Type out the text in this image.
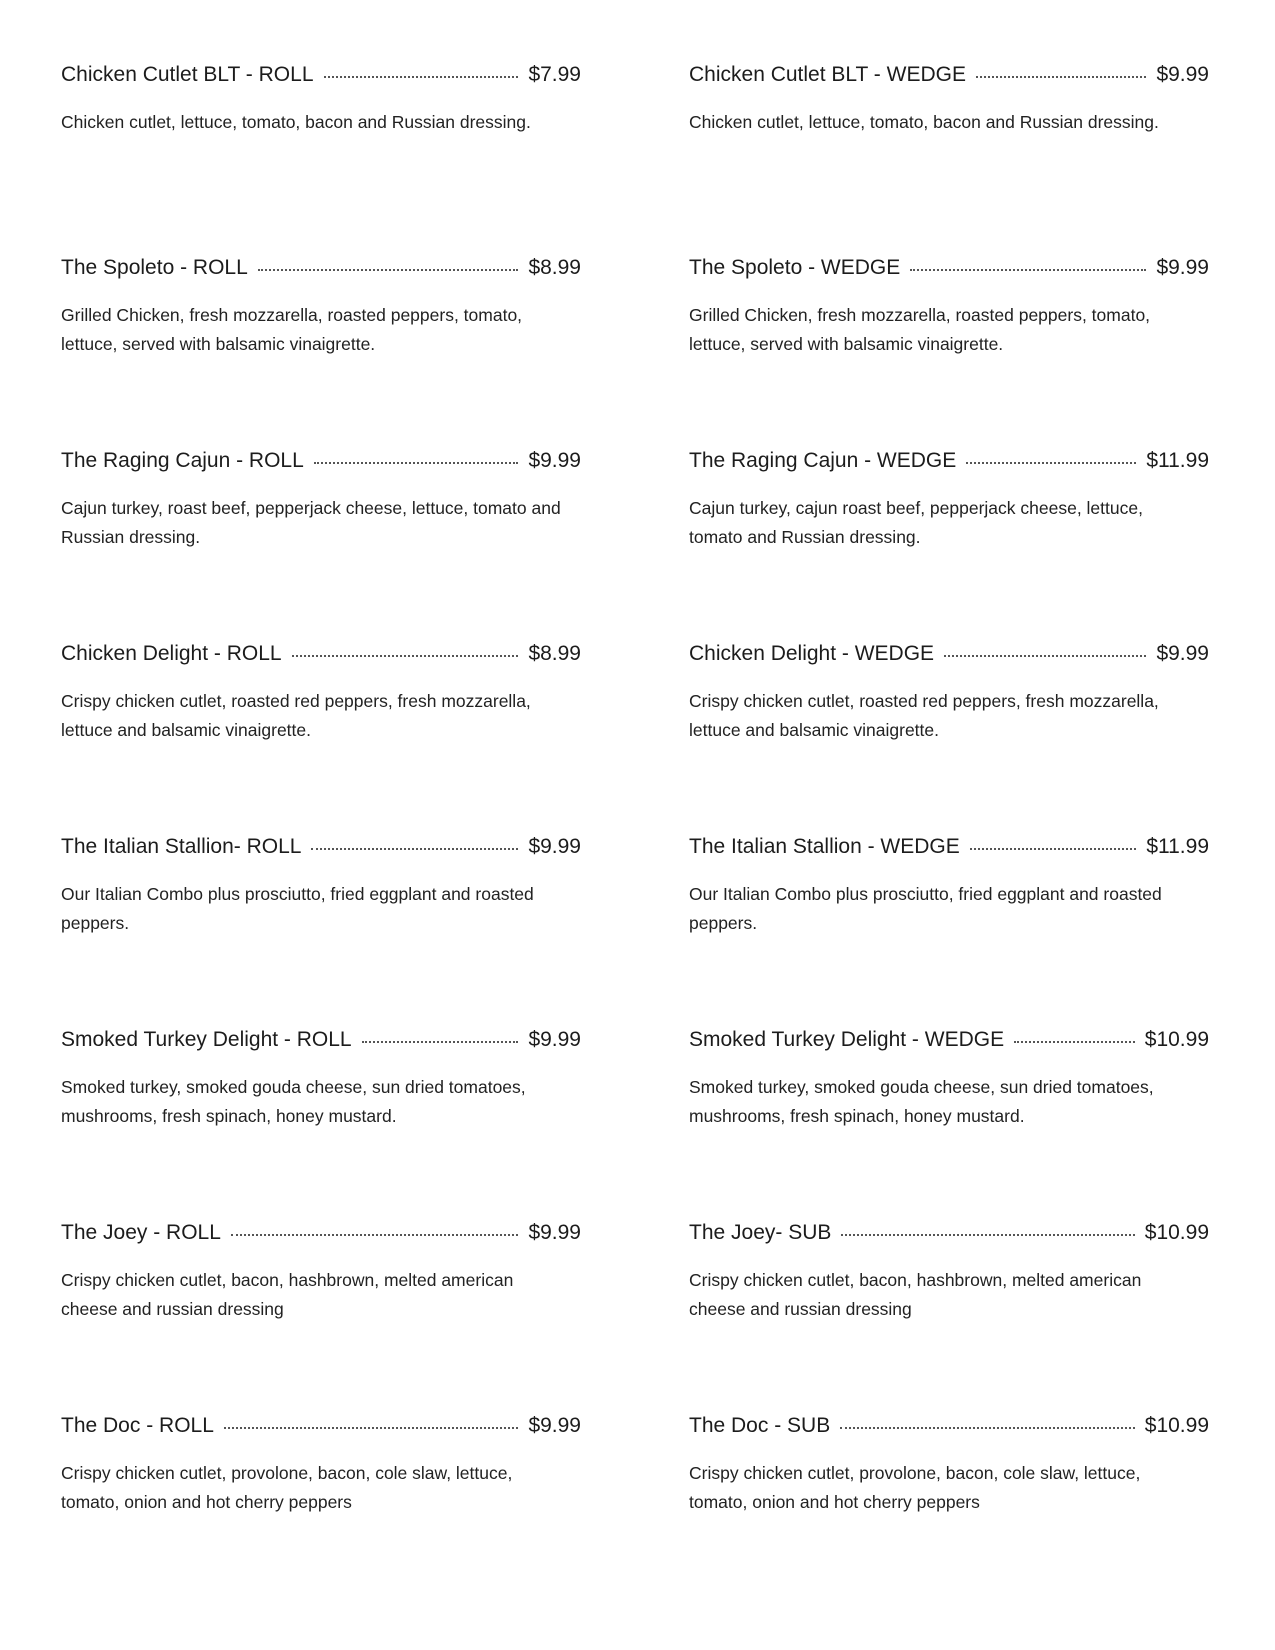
Chicken Cutlet BLT - ROLL	$7.99

Chicken cutlet, lettuce, tomato, bacon and Russian dressing.

Chicken Cutlet BLT - WEDGE	$9.99

Chicken cutlet, lettuce, tomato, bacon and Russian dressing.

The Spoleto - ROLL	$8.99

Grilled Chicken, fresh mozzarella, roasted peppers, tomato, lettuce, served with balsamic vinaigrette.

The Spoleto - WEDGE	$9.99

Grilled Chicken, fresh mozzarella, roasted peppers, tomato, lettuce, served with balsamic vinaigrette.

The Raging Cajun - ROLL	$9.99

Cajun turkey, roast beef, pepperjack cheese, lettuce, tomato and Russian dressing.

The Raging Cajun - WEDGE	$11.99

Cajun turkey, cajun roast beef, pepperjack cheese, lettuce, tomato and Russian dressing.

Chicken Delight - ROLL	$8.99

Crispy chicken cutlet, roasted red peppers, fresh mozzarella, lettuce and balsamic vinaigrette.

Chicken Delight - WEDGE	$9.99

Crispy chicken cutlet, roasted red peppers, fresh mozzarella, lettuce and balsamic vinaigrette.

The Italian Stallion- ROLL	$9.99

Our Italian Combo plus prosciutto, fried eggplant and roasted peppers.

The Italian Stallion - WEDGE	$11.99

Our Italian Combo plus prosciutto, fried eggplant and roasted peppers.

Smoked Turkey Delight - ROLL	$9.99

Smoked turkey, smoked gouda cheese, sun dried tomatoes, mushrooms, fresh spinach, honey mustard.

Smoked Turkey Delight - WEDGE	$10.99

Smoked turkey, smoked gouda cheese, sun dried tomatoes, mushrooms, fresh spinach, honey mustard.

The Joey - ROLL	$9.99

Crispy chicken cutlet, bacon, hashbrown, melted american cheese and russian dressing

The Joey- SUB	$10.99

Crispy chicken cutlet, bacon, hashbrown, melted american cheese and russian dressing

The Doc - ROLL	$9.99

Crispy chicken cutlet, provolone, bacon, cole slaw, lettuce, tomato, onion and hot cherry peppers

The Doc - SUB	$10.99

Crispy chicken cutlet, provolone, bacon, cole slaw, lettuce, tomato, onion and hot cherry peppers
